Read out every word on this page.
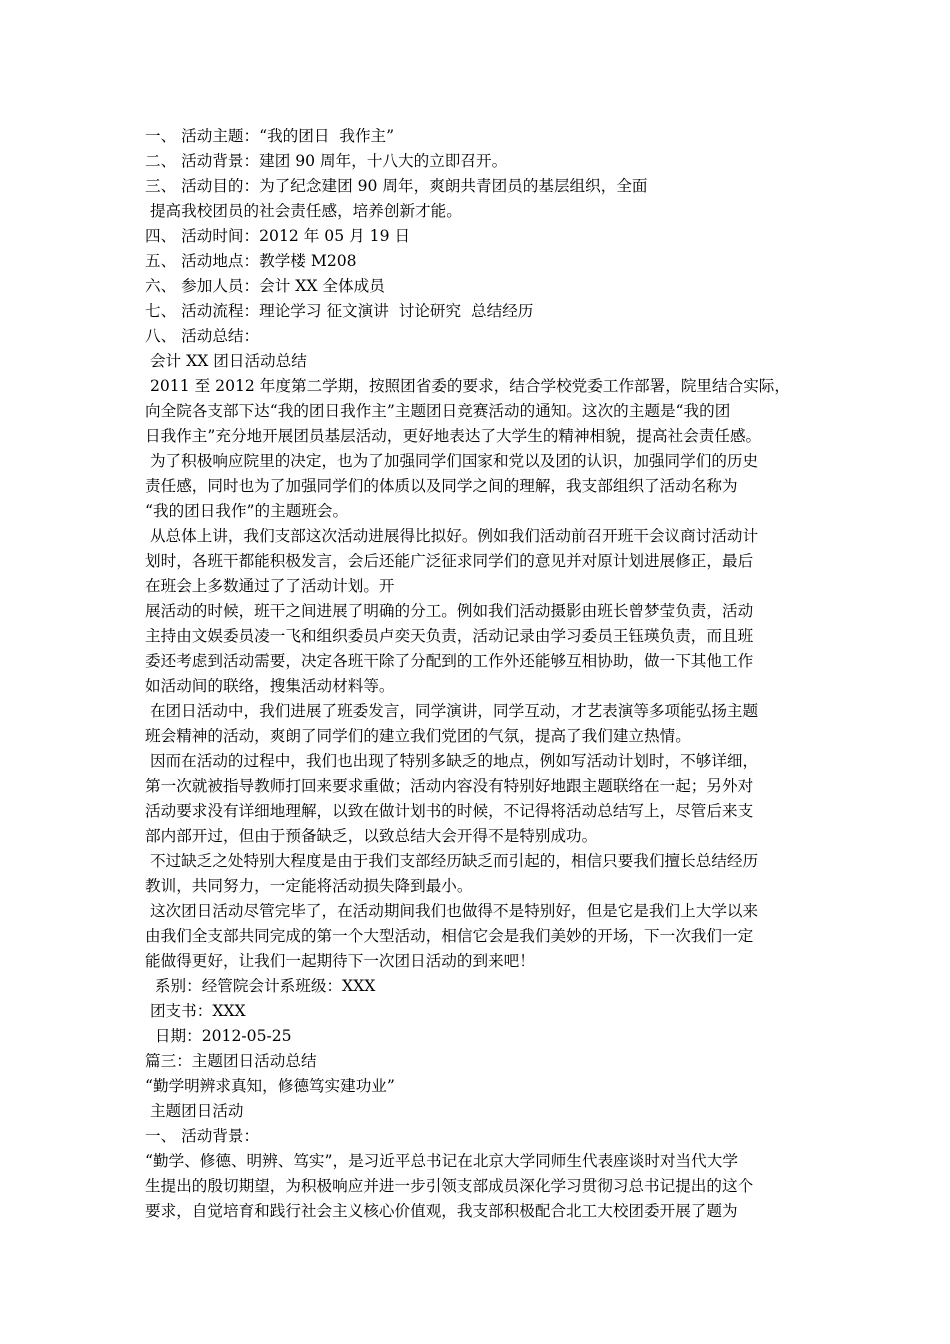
一、 活动主题：“我的团日  我作主”
二、 活动背景：建团 90 周年，十八大的立即召开。
三、 活动目的：为了纪念建团 90 周年，爽朗共青团员的基层组织，全面
提高我校团员的社会责任感，培养创新才能。
四、 活动时间：2012 年 05 月 19 日
五、 活动地点：教学楼 M208
六、 参加人员：会计 XX 全体成员
七、 活动流程：理论学习 征文演讲  讨论研究  总结经历
八、 活动总结：
会计 XX 团日活动总结
2011 至 2012 年度第二学期，按照团省委的要求，结合学校党委工作部署，院里结合实际，
向全院各支部下达“我的团日我作主”主题团日竞赛活动的通知。这次的主题是“我的团
日我作主”充分地开展团员基层活动，更好地表达了大学生的精神相貌，提高社会责任感。
为了积极响应院里的决定，也为了加强同学们国家和党以及团的认识，加强同学们的历史
责任感，同时也为了加强同学们的体质以及同学之间的理解，我支部组织了活动名称为
“我的团日我作”的主题班会。
从总体上讲，我们支部这次活动进展得比拟好。例如我们活动前召开班干会议商讨活动计
划时，各班干都能积极发言，会后还能广泛征求同学们的意见并对原计划进展修正，最后
在班会上多数通过了了活动计划。开
展活动的时候，班干之间进展了明确的分工。例如我们活动摄影由班长曾梦莹负责，活动
主持由文娱委员凌一飞和组织委员卢奕天负责，活动记录由学习委员王钰瑛负责，而且班
委还考虑到活动需要，决定各班干除了分配到的工作外还能够互相协助，做一下其他工作
如活动间的联络，搜集活动材料等。
在团日活动中，我们进展了班委发言，同学演讲，同学互动，才艺表演等多项能弘扬主题
班会精神的活动，爽朗了同学们的建立我们党团的气氛，提高了我们建立热情。
因而在活动的过程中，我们也出现了特别多缺乏的地点，例如写活动计划时，不够详细，
第一次就被指导教师打回来要求重做；活动内容没有特别好地跟主题联络在一起；另外对
活动要求没有详细地理解，以致在做计划书的时候，不记得将活动总结写上，尽管后来支
部内部开过，但由于预备缺乏，以致总结大会开得不是特别成功。
不过缺乏之处特别大程度是由于我们支部经历缺乏而引起的，相信只要我们擅长总结经历
教训，共同努力，一定能将活动损失降到最小。
这次团日活动尽管完毕了，在活动期间我们也做得不是特别好，但是它是我们上大学以来
由我们全支部共同完成的第一个大型活动，相信它会是我们美妙的开场，下一次我们一定
能做得更好，让我们一起期待下一次团日活动的到来吧！
系别：经管院会计系班级：XXX
团支书：XXX
日期：2012-05-25
篇三：主题团日活动总结
“勤学明辨求真知，修德笃实建功业”
主题团日活动
一、 活动背景：
“勤学、修德、明辨、笃实”，是习近平总书记在北京大学同师生代表座谈时对当代大学
生提出的殷切期望，为积极响应并进一步引领支部成员深化学习贯彻习总书记提出的这个
要求，自觉培育和践行社会主义核心价值观，我支部积极配合北工大校团委开展了题为
